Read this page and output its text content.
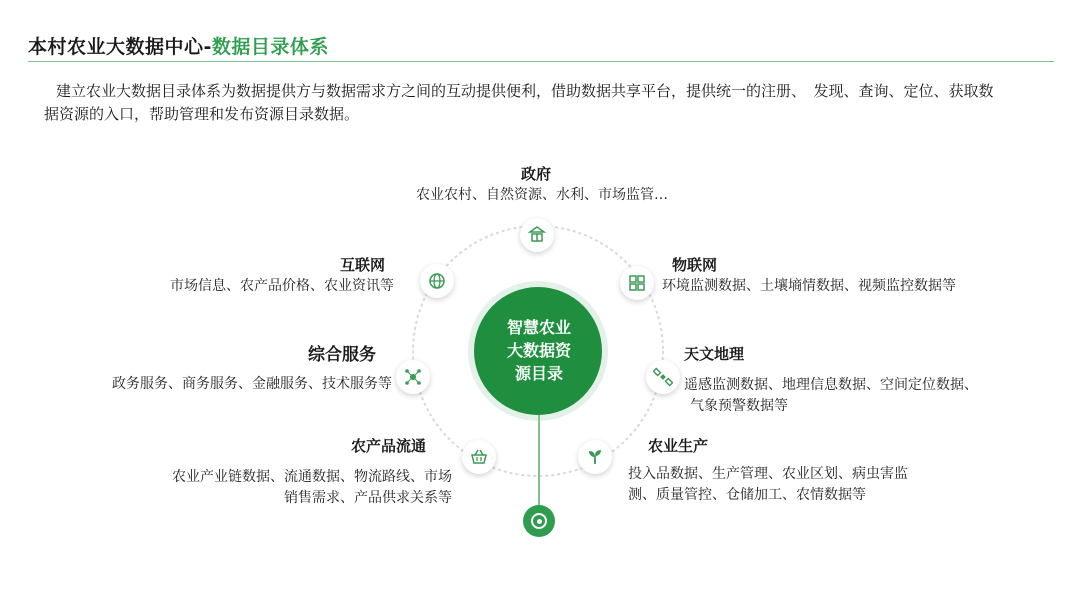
本村农业大数据中心-数据目录体系
建立农业大数据目录体系为数据提供方与数据需求方之间的互动提供便利，借助数据共享平台，提供统一的注册、　发现、查询、定位、获取数据资源的入口，帮助管理和发布资源目录数据。
智慧农业
大数据资
源目录
政府
农业农村、自然资源、水利、市场监管…
物联网
环境监测数据、土壤墒情数据、视频监控数据等
天文地理
遥感监测数据、地理信息数据、空间定位数据、
气象预警数据等
农业生产
投入品数据、生产管理、农业区划、病虫害监
测、质量管控、仓储加工、农情数据等
农产品流通
农业产业链数据、流通数据、物流路线、市场
销售需求、产品供求关系等
综合服务
政务服务、商务服务、金融服务、技术服务等
互联网
市场信息、农产品价格、农业资讯等
